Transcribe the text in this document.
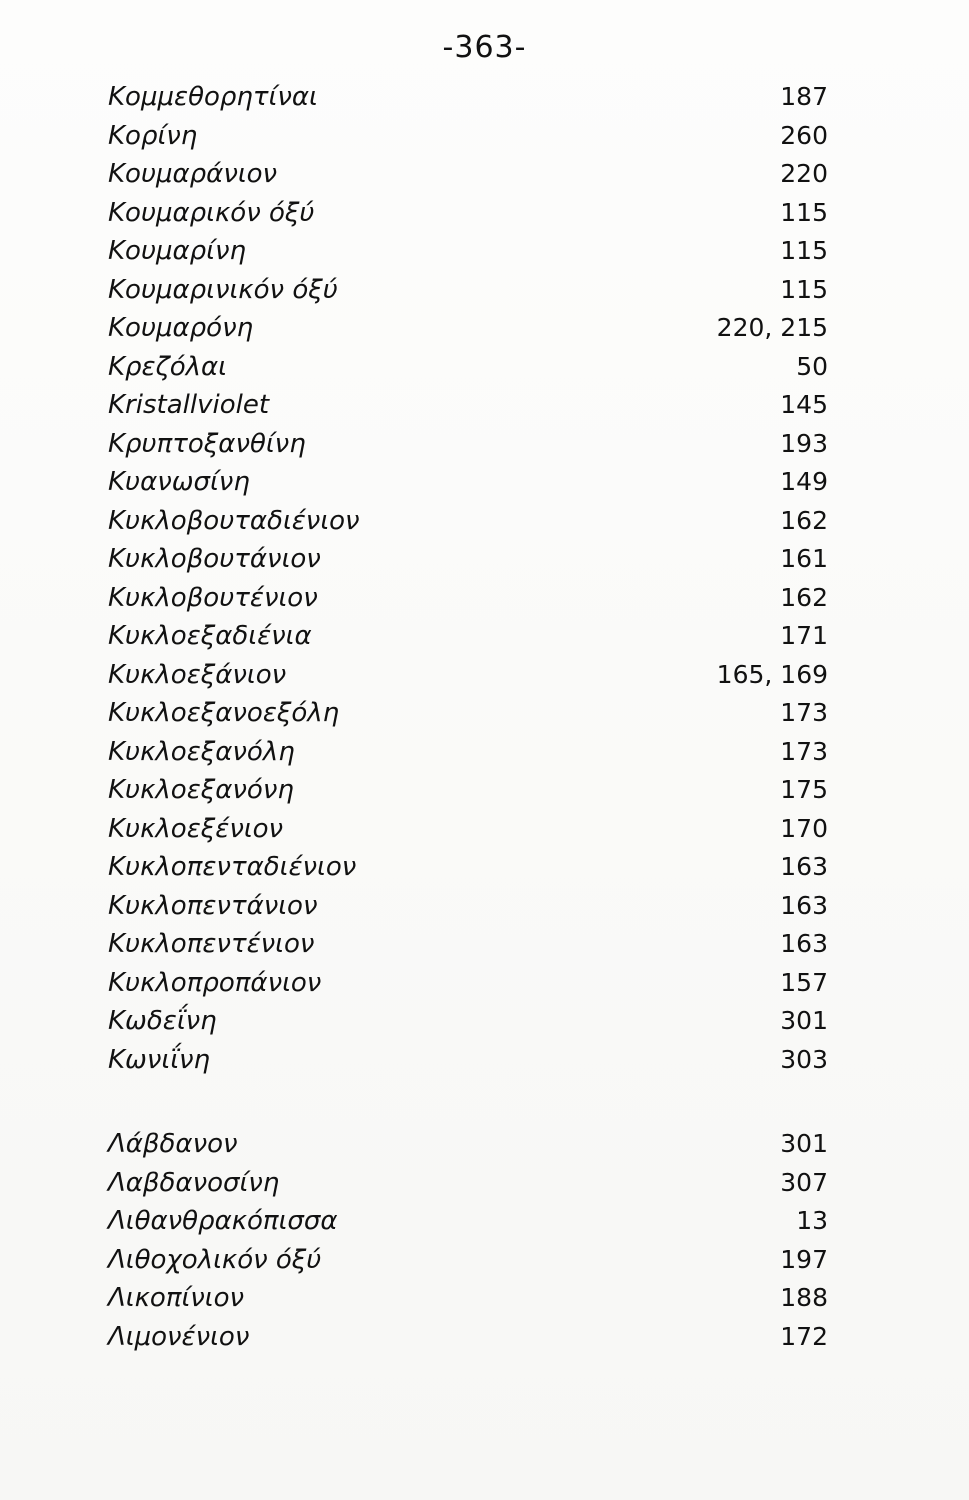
-363-
Κομμεθορητίναι	187
Κορίνη	260
Κουμαράνιον	220
Κουμαρικόν όξύ	115
Κουμαρίνη	115
Κουμαρινικόν όξύ	115
Κουμαρόνη	220, 215
Κρεζόλαι	50
Kristallviolet	145
Κρυπτοξανθίνη	193
Κυανωσίνη	149
Κυκλοβουταδιένιον	162
Κυκλοβουτάνιον	161
Κυκλοβουτένιον	162
Κυκλοεξαδιένια	171
Κυκλοεξάνιον	165, 169
Κυκλοεξανοεξόλη	173
Κυκλοεξανόλη	173
Κυκλοεξανόνη	175
Κυκλοεξένιον	170
Κυκλοπενταδιένιον	163
Κυκλοπεντάνιον	163
Κυκλοπεντένιον	163
Κυκλοπροπάνιον	157
Κωδεΐνη	301
Κωνιΐνη	303
Λάβδανον	301
Λαβδανοσίνη	307
Λιθανθρακόπισσα	13
Λιθοχολικόν όξύ	197
Λικοπίνιον	188
Λιμονένιον	172
